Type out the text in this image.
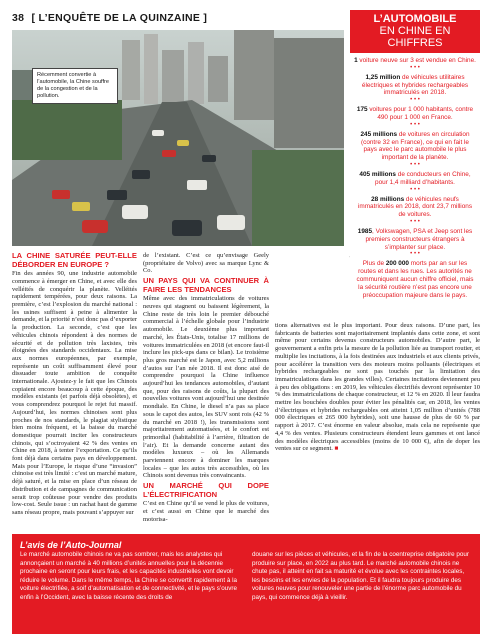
38 [ L’ENQUÊTE DE LA QUINZAINE ]
Récemment convertie à l’automobile, la Chine souffre de la congestion et de la pollution.
L’AUTOMOBILE
EN CHINE EN CHIFFRES
1 voiture neuve sur 3 est vendue en Chine.
• • •
1,25 million de véhicules utilitaires électriques et hybrides rechargeables immatriculés en 2018.
• • •
175 voitures pour 1 000 habitants, contre 490 pour 1 000 en France.
• • •
245 millions de voitures en circulation (contre 32 en France), ce qui en fait le pays avec le parc automobile le plus important de la planète.
• • •
405 millions de conducteurs en Chine, pour 1,4 milliard d’habitants.
• • •
28 millions de véhicules neufs immatriculés en 2018, dont 23,7 millions de voitures.
• • •
1985, Volkswagen, PSA et Jeep sont les premiers constructeurs étrangers à s’implanter sur place.
• • •
Plus de 200 000 morts par an sur les routes et dans les rues. Les autorités ne communiquent aucun chiffre officiel, mais la sécurité routière n’est pas encore une préoccupation majeure dans le pays.
LA CHINE SATURÉE PEUT-ELLE DÉBORDER EN EUROPE ?

Fin des années 90, une industrie automobile commence à émerger en Chine, et avec elle des velléités de conquérir la planète. Velléités rapidement tempérées, pour deux raisons. La première, c’est l’explosion du marché national : les usines suffisent à peine à alimenter la demande, et la priorité n’est donc pas d’exporter la production. La seconde, c’est que les véhicules chinois répondent à des normes de sécurité et de pollution très laxistes, très éloignées des standards occidentaux. La mise aux normes européennes, par exemple, représente un coût suffisamment élevé pour dissuader toute ambition de conquête internationale. Ajoutez-y le fait que les Chinois copiaient encore beaucoup à cette époque, des modèles existants (et parfois déjà obsolètes), et vous comprendrez pourquoi le rejet fut massif. Aujourd’hui, les normes chinoises sont plus proches de nos standards, le plagiat stylistique bien moins fréquent, et la baisse du marché domestique pourrait inciter les constructeurs chinois, qui s’octroyaient 42 % des ventes en Chine en 2018, à tenter l’exportation. Ce qu’ils font déjà dans certains pays en développement. Mais pour l’Europe, le risque d’une “invasion” chinoise est très limité : c’est un marché mature, déjà saturé, et la mise en place d’un réseau de distribution et de campagnes de communication serait trop coûteuse pour vendre des produits low-cost. Seule issue : un rachat haut de gamme sans réseau propre, mais pouvant s’appuyer sur

de l’existant. C’est ce qu’envisage Geely (propriétaire de Volvo) avec sa marque Lync & Co.

UN PAYS QUI VA CONTINUER À FAIRE LES TENDANCES

Même avec des immatriculations de voitures neuves qui stagnent ou baissent légèrement, la Chine reste de très loin le premier débouché commercial à l’échelle globale pour l’industrie automobile. Le deuxième plus important marché, les États-Unis, totalise 17 millions de voitures immatriculées en 2018 (et encore faut-il inclure les pick-ups dans ce bilan). Le troisième plus gros marché est le Japon, avec 5,2 millions d’autos sur l’an née 2018. Il est donc aisé de comprendre pourquoi la Chine influence aujourd’hui les tendances automobiles, d’autant que, pour des raisons de coûts, la plupart des nouvelles voitures vont aujourd’hui une destinée mondiale. En Chine, le diesel n’a pas sa place sous le capot des autos, les SUV sont rois (42 % du marché en 2018 !), les transmissions sont majoritairement automatisées, et le confort est primordial (habitabilité à l’arrière, filtration de l’air). Et la demande concerne autant des modèles luxueux – où les Allemands parviennent encore à dominer les marques locales – que les autos très accessibles, où les Chinois sont devenus très convaincants.

UN MARCHÉ QUI DOPE L’ÉLECTRIFICATION

C’est en Chine qu’il se vend le plus de voitures, et c’est aussi en Chine que le marché des motorisa-

tions alternatives est le plus important. Pour deux raisons. D’une part, les fabricants de batteries sont majoritairement implantés dans cette zone, et sont même pour certains devenus constructeurs automobiles. D’autre part, le gouvernement a enfin pris la mesure de la pollution liée au transport routier, et multiplie les incitations, à la fois destinées aux industriels et aux clients privés, pour accélérer la transition vers des moteurs moins polluants (électriques et hybrides rechargeables ne sont pas touchés par la limitation des immatriculations dans les grandes villes). Certaines incitations deviennent peu à peu des obligations : en 2019, les véhicules électrifiés devront représenter 10 % des immatriculations de chaque constructeur, et 12 % en 2020. Il leur faudra mettre les bouchées doubles pour éviter les pénalités car, en 2018, les ventes d’électriques et hybrides rechargeables ont atteint 1,05 million d’unités (788 000 électriques et 265 000 hybrides), soit une hausse de plus de 60 % par rapport à 2017. C’est énorme en valeur absolue, mais cela ne représente que 4,4 % des ventes. Plusieurs constructeurs étendent leurs gammes et ont lancé des modèles électriques accessibles (moins de 10 000 €), afin de doper les ventes sur ce segment. ■

L’avis de l’Auto-Journal
Le marché automobile chinois ne va pas sombrer, mais les analystes qui annonçaient un marché à 40 millions d’unités annuelles pour la décennie prochaine en seront pour leurs frais, et les capacités industrielles vont devoir réduire le volume. Dans le même temps, la Chine se convertit rapidement à la voiture électrifiée, a soif d’automatisation et de connectivité, et le pays s’ouvre enfin à l’Occident, avec la baisse récente des droits de
douane sur les pièces et véhicules, et la fin de la coentreprise obligatoire pour produire sur place, en 2022 au plus tard. Le marché automobile chinois ne chute pas, il atteint en fait sa maturité et évolue avec les contraintes locales, les besoins et les envies de la population. Et il faudra toujours produire des voitures neuves pour renouveler une partie de l’énorme parc automobile du pays, qui commence déjà à vieillir.
